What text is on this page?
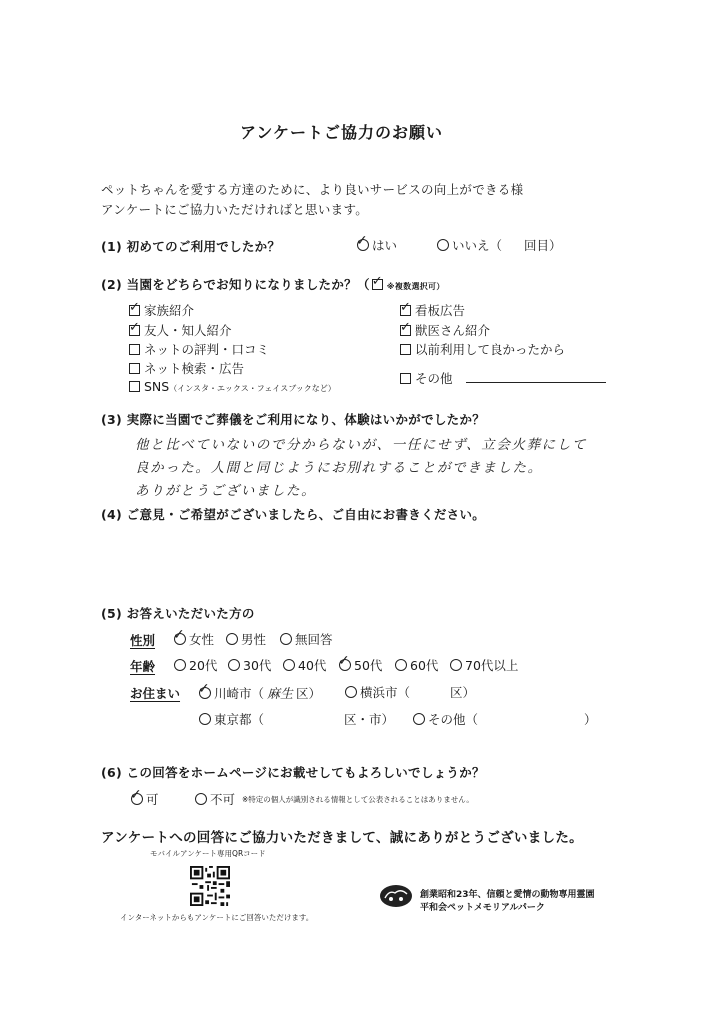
アンケートご協力のお願い
ペットちゃんを愛する方達のために、より良いサービスの向上ができる様
アンケートにご協力いただければと思います。
(1) 初めてのご利用でしたか？ ✓	はい	いいえ（ 回目）
(2) 当園をどちらでお知りになりましたか？（ ✓ ※複数選択可）
✓家族紹介
✓友人・知人紹介
ネットの評判・口コミ
ネット検索・広告
SNS（インスタ・エックス・フェイスブックなど）
✓看板広告
✓獣医さん紹介
以前利用して良かったから
その他
(3) 実際に当園でご葬儀をご利用になり、体験はいかがでしたか？
他と比べていないので分からないが、一任にせず、立会火葬にして
良かった。人間と同じようにお別れすることができました。
ありがとうございました。
(4) ご意見・ご希望がございましたら、ご自由にお書きください。
(5) お答えいただいた方の
性別 ✓	女性	男性	無回答
年齢	20代	30代	40代 ✓	50代	60代	70代以上
お住まい ✓	川崎市（ 麻生 区）	横浜市（	区）
東京都（	区・市）	その他（	）
(6) この回答をホームページにお載せしてもよろしいでしょうか？
✓可	不可 ※特定の個人が識別される情報として公表されることはありません。
アンケートへの回答にご協力いただきまして、誠にありがとうございました。
モバイルアンケート専用QRコード
インターネットからもアンケートにご回答いただけます。
創業昭和23年、信頼と愛情の動物専用霊園
平和会ペットメモリアルパーク
